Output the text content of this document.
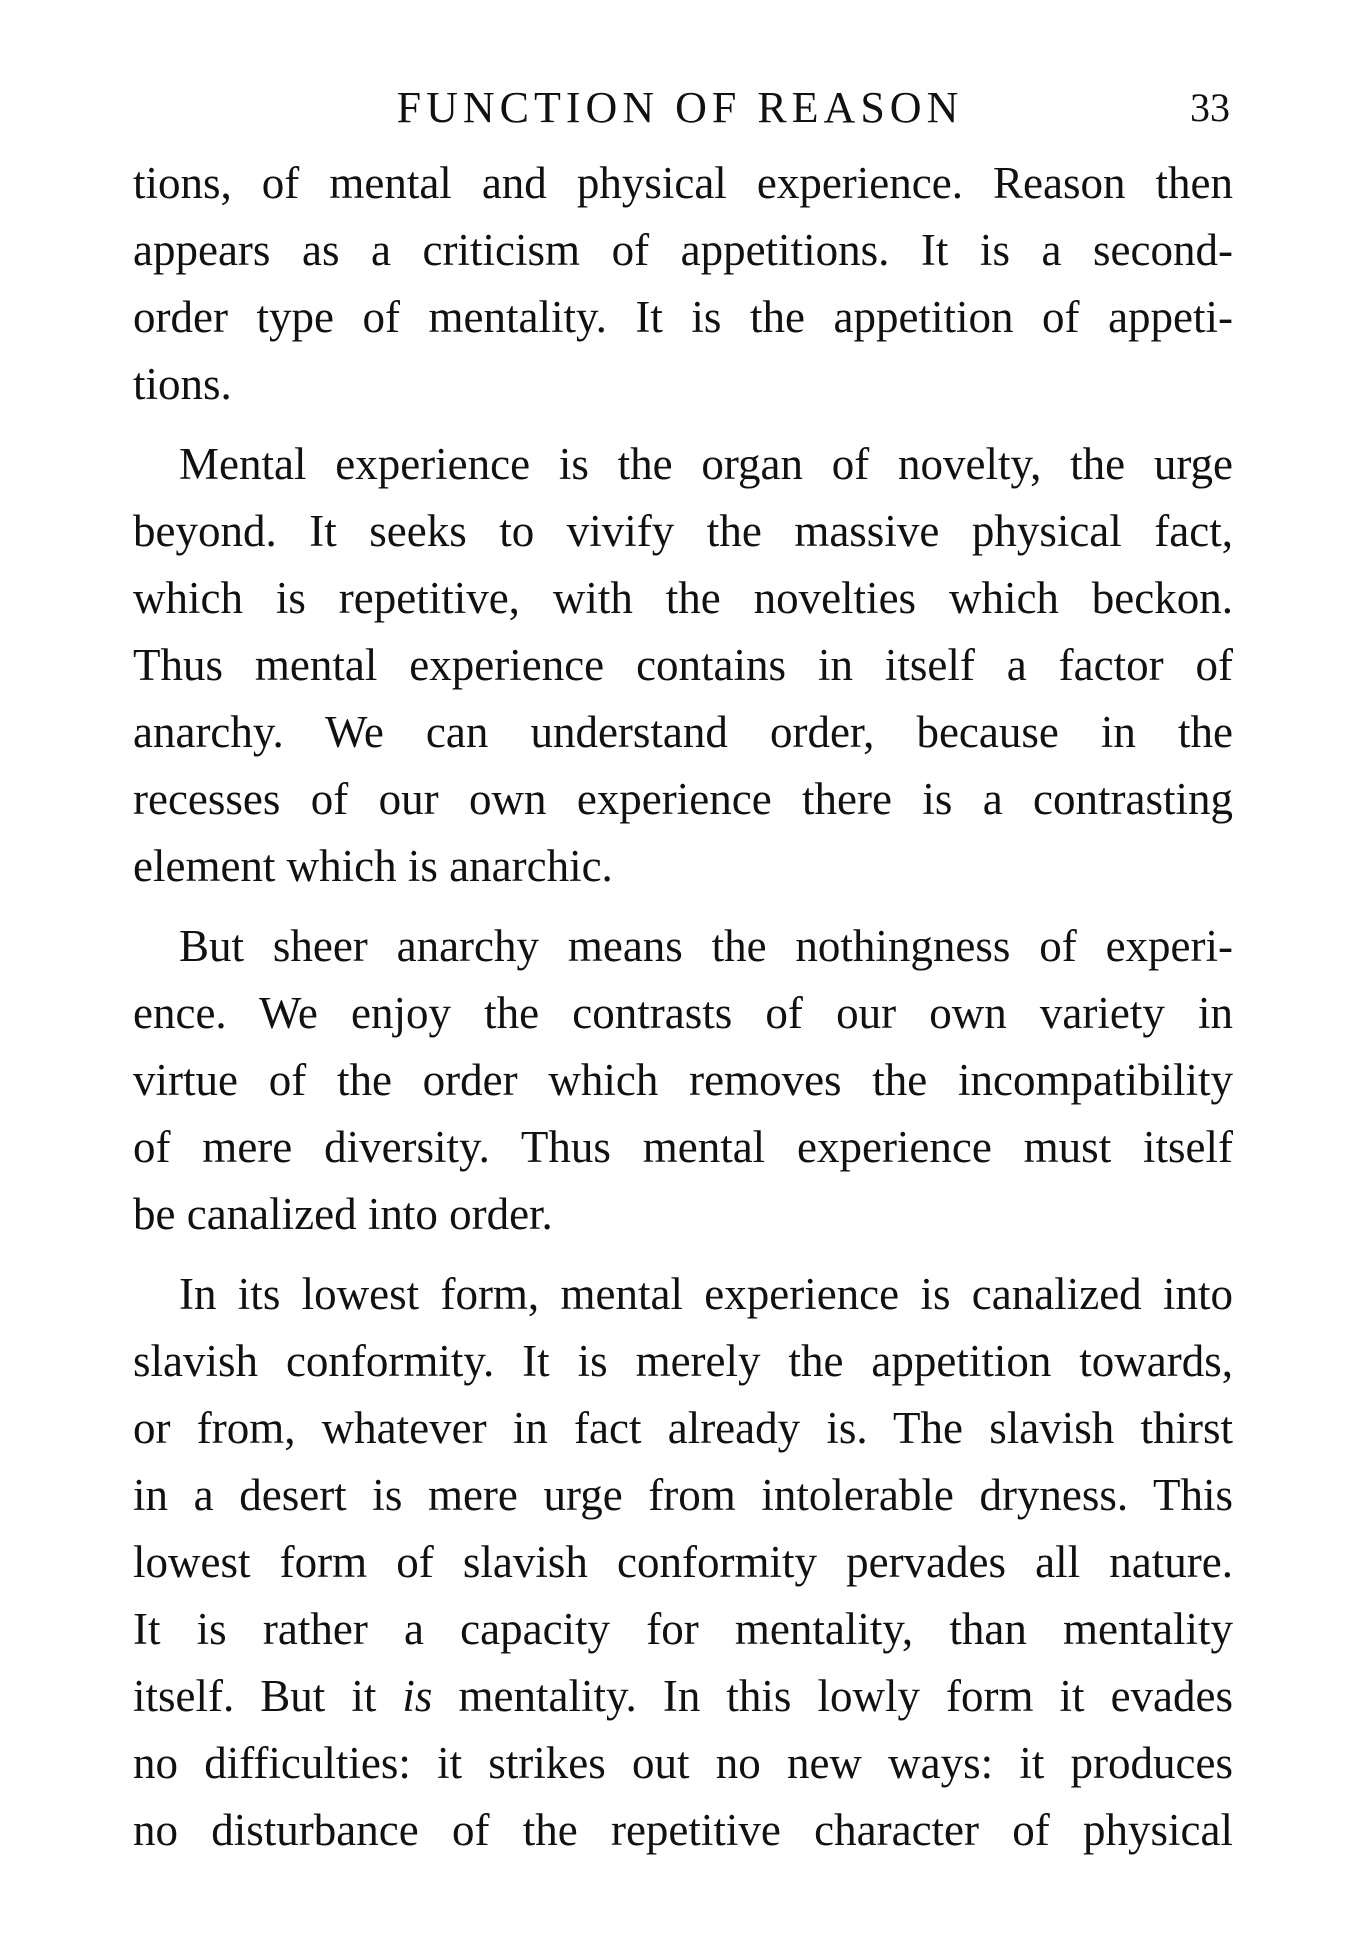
FUNCTION OF REASON	33
tions, of mental and physical experience. Reason then
appears as a criticism of appetitions. It is a second-
order type of mentality. It is the appetition of appeti-
tions.
Mental experience is the organ of novelty, the urge
beyond. It seeks to vivify the massive physical fact,
which is repetitive, with the novelties which beckon.
Thus mental experience contains in itself a factor of
anarchy. We can understand order, because in the
recesses of our own experience there is a contrasting
element which is anarchic.
But sheer anarchy means the nothingness of experi-
ence. We enjoy the contrasts of our own variety in
virtue of the order which removes the incompatibility
of mere diversity. Thus mental experience must itself
be canalized into order.
In its lowest form, mental experience is canalized into
slavish conformity. It is merely the appetition towards,
or from, whatever in fact already is. The slavish thirst
in a desert is mere urge from intolerable dryness. This
lowest form of slavish conformity pervades all nature.
It is rather a capacity for mentality, than mentality
itself. But it is mentality. In this lowly form it evades
no difficulties: it strikes out no new ways: it produces
no disturbance of the repetitive character of physical
